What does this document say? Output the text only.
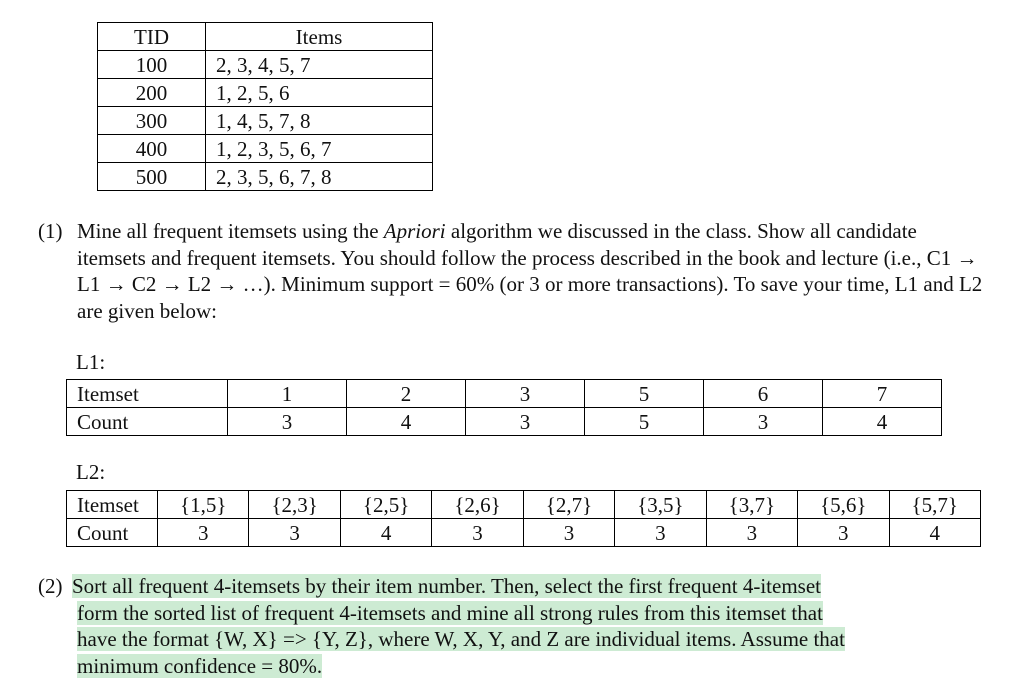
TID	Items
100	2, 3, 4, 5, 7
200	1, 2, 5, 6
300	1, 4, 5, 7, 8
400	1, 2, 3, 5, 6, 7
500	2, 3, 5, 6, 7, 8
(1) Mine all frequent itemsets using the Apriori algorithm we discussed in the class. Show all candidate itemsets and frequent itemsets. You should follow the process described in the book and lecture (i.e., C1 → L1 → C2 → L2 → …). Minimum support = 60% (or 3 or more transactions). To save your time, L1 and L2 are given below:
L1:
Itemset	1	2	3	5	6	7
Count	3	4	3	5	3	4
L2:
Itemset	{1,5}	{2,3}	{2,5}	{2,6}	{2,7}	{3,5}	{3,7}	{5,6}	{5,7}
Count	3	3	4	3	3	3	3	3	4
(2) Sort all frequent 4-itemsets by their item number. Then, select the first frequent 4-itemset
form the sorted list of frequent 4-itemsets and mine all strong rules from this itemset that
have the format {W, X} => {Y, Z}, where W, X, Y, and Z are individual items. Assume that
minimum confidence = 80%.
